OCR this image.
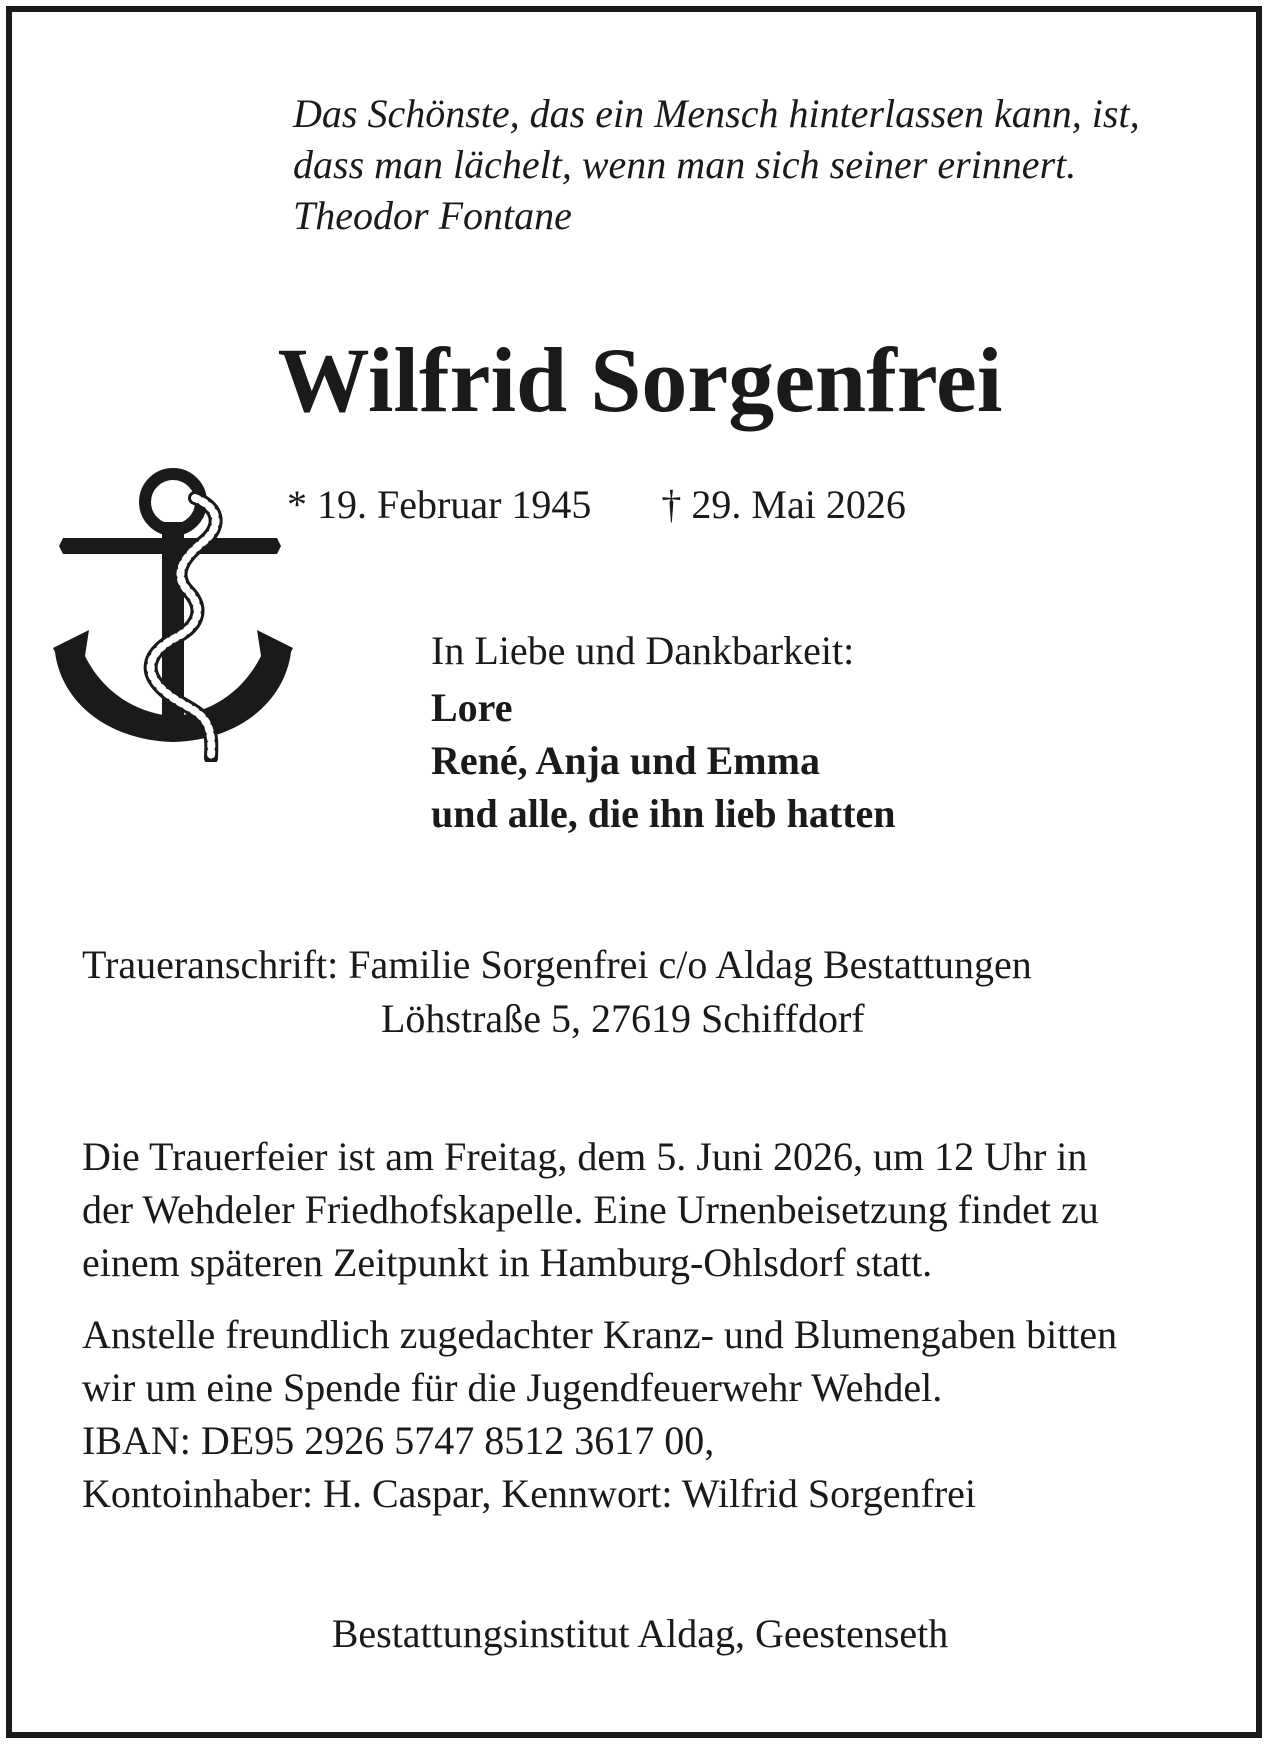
Das Schönste, das ein Mensch hinterlassen kann, ist,
dass man lächelt, wenn man sich seiner erinnert.
Theodor Fontane
Wilfrid Sorgenfrei
* 19. Februar 1945 † 29. Mai 2026
In Liebe und Dankbarkeit:
Lore
René, Anja und Emma
und alle, die ihn lieb hatten
Traueranschrift: Familie Sorgenfrei c/o Aldag Bestattungen
Löhstraße 5, 27619 Schiffdorf
Die Trauerfeier ist am Freitag, dem 5. Juni 2026, um 12 Uhr in
der Wehdeler Friedhofskapelle. Eine Urnenbeisetzung findet zu
einem späteren Zeitpunkt in Hamburg-Ohlsdorf statt.
Anstelle freundlich zugedachter Kranz- und Blumengaben bitten
wir um eine Spende für die Jugendfeuerwehr Wehdel.
IBAN: DE95 2926 5747 8512 3617 00,
Kontoinhaber: H. Caspar, Kennwort: Wilfrid Sorgenfrei
Bestattungsinstitut Aldag, Geestenseth
